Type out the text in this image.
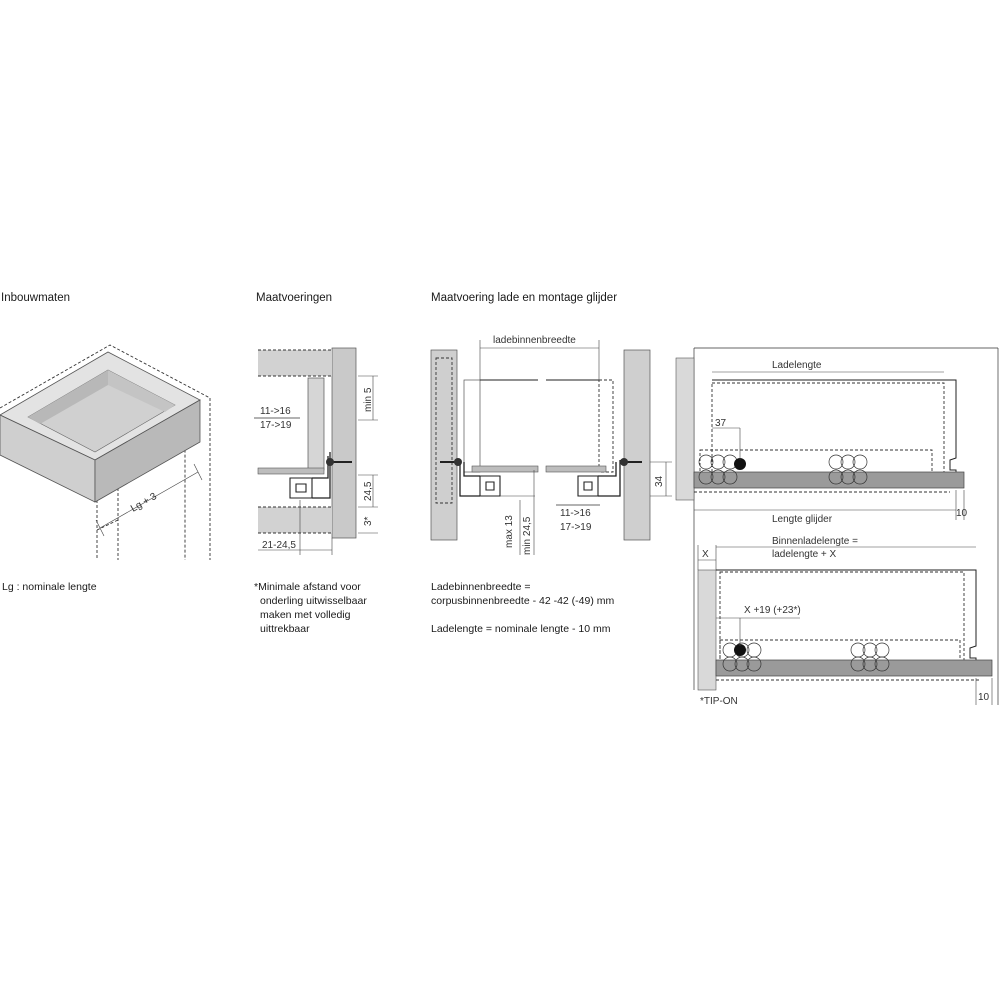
Inbouwmaten	Maatvoeringen	Maatvoering lade en montage glijder
Lg : nominale lengte	*Minimale afstand voor
onderling uitwisselbaar
maken met volledig
uittrekbaar
Ladebinnenbreedte =
corpusbinnenbreedte - 42 -42 (-49) mm
Ladelengte = nominale lengte - 10 mm
Lg + 3
11->16
17->19
min 5
24,5
3*
21-24,5
ladebinnenbreedte
max 13 min 24,5
34
11->16
17->19
Ladelengte
37
Lengte glijder
10
Binnenladelengte =
ladelengte + X
X
X +19 (+23*)
10
*TIP-ON
